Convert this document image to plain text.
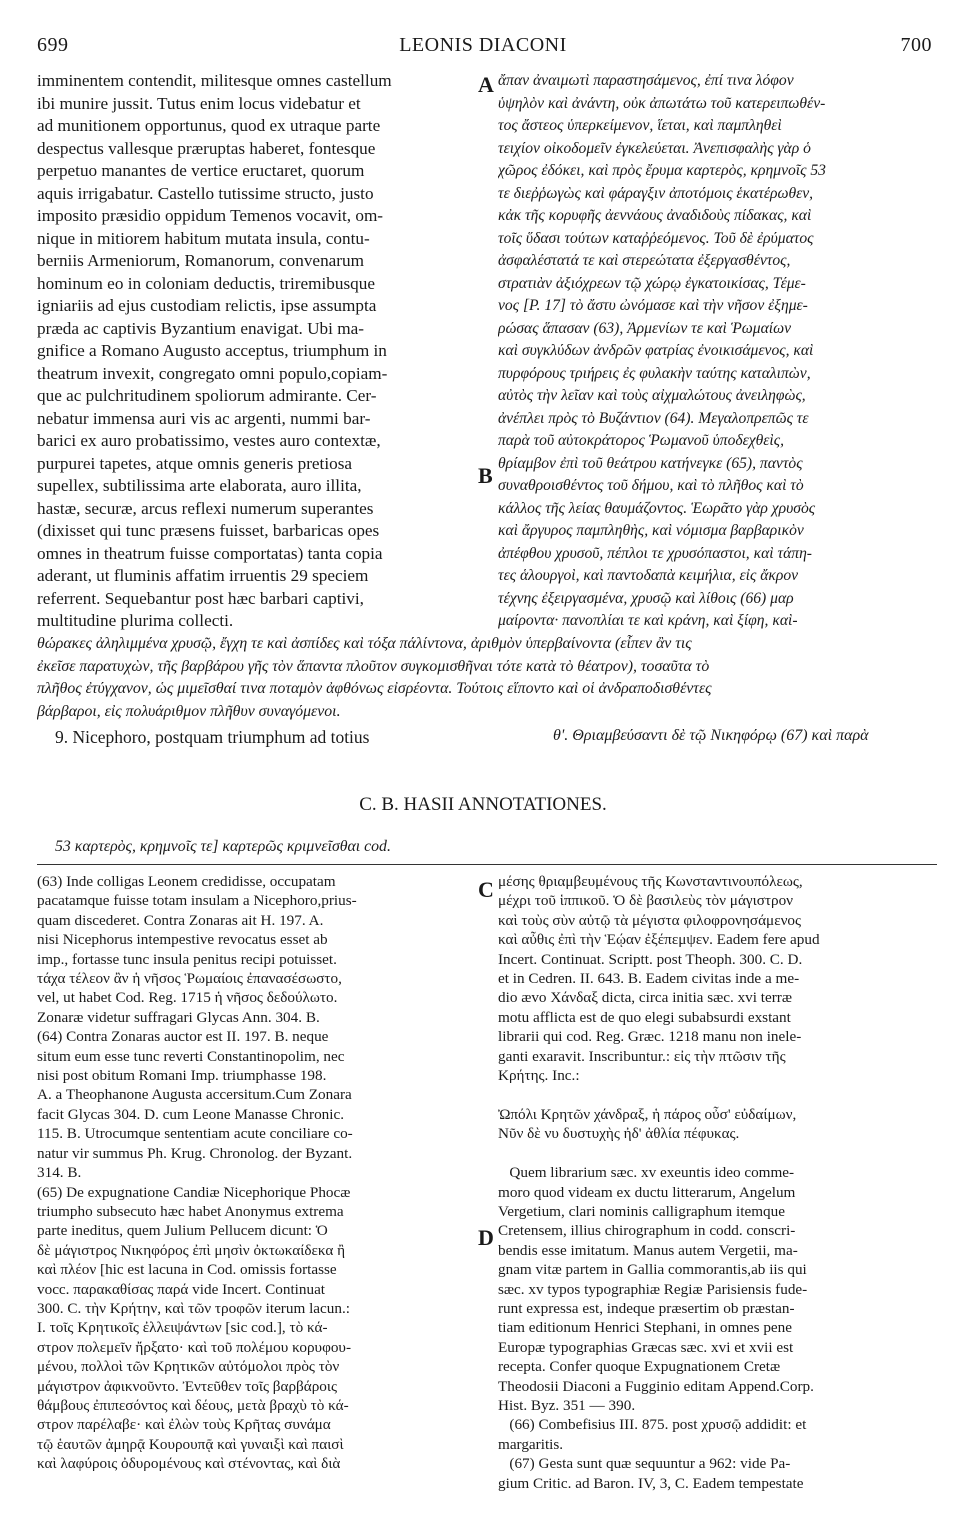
699	LEONIS DIACONI	700
A
B
C
D
imminentem contendit, militesque omnes castellum
ibi munire jussit. Tutus enim locus videbatur et
ad munitionem opportunus, quod ex utraque parte
despectus vallesque præruptas haberet, fontesque
perpetuo manantes de vertice eructaret, quorum
aquis irrigabatur. Castello tutissime structo, justo
imposito præsidio oppidum Temenos vocavit, om-
nique in mitiorem habitum mutata insula, contu-
berniis Armeniorum, Romanorum, convenarum
hominum eo in coloniam deductis, triremibusque
igniariis ad ejus custodiam relictis, ipse assumpta
præda ac captivis Byzantium enavigat. Ubi ma-
gnifice a Romano Augusto acceptus, triumphum in
theatrum invexit, congregato omni populo,copiam-
que ac pulchritudinem spoliorum admirante. Cer-
nebatur immensa auri vis ac argenti, nummi bar-
barici ex auro probatissimo, vestes auro contextæ,
purpurei tapetes, atque omnis generis pretiosa
supellex, subtilissima arte elaborata, auro illita,
hastæ, securæ, arcus reflexi numerum superantes
(dixisset qui tunc præsens fuisset, barbaricas opes
omnes in theatrum fuisse comportatas) tanta copia
aderant, ut fluminis affatim irruentis 29 speciem
referrent. Sequebantur post hæc barbari captivi,
multitudine plurima collecti.
ἄπαν ἀναιμωτὶ παραστησάμενος, ἐπί τινα λόφον
ὑψηλὸν καὶ ἀνάντη, οὐκ ἀπωτάτω τοῦ κατερειπωθέν-
τος ἄστεος ὑπερκείμενον, ἵεται, καὶ παμπληθεὶ
τειχίον οἰκοδομεῖν ἐγκελεύεται. Ἀνεπισφαλὴς γὰρ ὁ
χῶρος ἐδόκει, καὶ πρὸς ἔρυμα καρτερὸς, κρημνοῖς 53
τε διεῤῥωγὼς καὶ φάραγξιν ἀποτόμοις ἑκατέρωθεν,
κἀκ τῆς κορυφῆς ἀεννάους ἀναδιδοὺς πίδακας, καὶ
τοῖς ὕδασι τούτων καταῤῥεόμενος. Τοῦ δὲ ἐρύματος
ἀσφαλέστατά τε καὶ στερεώτατα ἐξεργασθέντος,
στρατιὰν ἀξιόχρεων τῷ χώρῳ ἐγκατοικίσας, Τέμε-
νος [P. 17] τὸ ἄστυ ὠνόμασε καὶ τὴν νῆσον ἐξημε-
ρώσας ἅπασαν (63), Ἀρμενίων τε καὶ Ῥωμαίων
καὶ συγκλύδων ἀνδρῶν φατρίας ἐνοικισάμενος, καὶ
πυρφόρους τριήρεις ἐς φυλακὴν ταύτης καταλιπὼν,
αὐτὸς τὴν λεῖαν καὶ τοὺς αἰχμαλώτους ἀνειληφὼς,
ἀνέπλει πρὸς τὸ Βυζάντιον (64). Μεγαλοπρεπῶς τε
παρὰ τοῦ αὐτοκράτορος Ῥωμανοῦ ὑποδεχθεὶς,
θρίαμβον ἐπὶ τοῦ θεάτρου κατήνεγκε (65), παντὸς
συναθροισθέντος τοῦ δήμου, καὶ τὸ πλῆθος καὶ τὸ
κάλλος τῆς λείας θαυμάζοντος. Ἑωρᾶτο γὰρ χρυσὸς
καὶ ἄργυρος παμπληθὴς, καὶ νόμισμα βαρβαρικὸν
ἀπέφθου χρυσοῦ, πέπλοι τε χρυσόπαστοι, καὶ τάπη-
τες ἁλουργοὶ, καὶ παντοδαπὰ κειμήλια, εἰς ἄκρον
τέχνης ἐξειργασμένα, χρυσῷ καὶ λίθοις (66) μαρ
μαίροντα· πανοπλίαι τε καὶ κράνη, καὶ ξίφη, καὶ-
θώρακες ἀληλιμμένα χρυσῷ, ἔγχη τε καὶ ἀσπίδες καὶ τόξα πάλίντονα, ἀριθμὸν ὑπερβαίνοντα (εἶπεν ἂν τις
ἐκεῖσε παρατυχὼν, τῆς βαρβάρου γῆς τὸν ἅπαντα πλοῦτον συγκομισθῆναι τότε κατὰ τὸ θέατρον), τοσαῦτα τὸ
πλῆθος ἐτύγχανον, ὡς μιμεῖσθαί τινα ποταμὸν ἀφθόνως εἰσρέοντα. Τούτοις εἵποντο καὶ οἱ ἀνδραποδισθέντες
βάρβαροι, εἰς πολυάριθμον πλῆθυν συναγόμενοι.
9. Nicephoro, postquam triumphum ad totius	θ'. Θριαμβεύσαντι δὲ τῷ Νικηφόρῳ (67) καὶ παρὰ
C. B. HASII ANNOTATIONES.
53 καρτερὸς, κρημνοῖς τε] καρτερῶς κριμνεῖσθαι cod.
(63) Inde colligas Leonem credidisse, occupatam
pacatamque fuisse totam insulam a Nicephoro,prius-
quam discederet. Contra Zonaras ait H. 197. A.
nisi Nicephorus intempestive revocatus esset ab
imp., fortasse tunc insula penitus recipi potuisset.
τάχα τέλεον ἂν ἡ νῆσος Ῥωμαίοις ἐπανασέσωστο,
vel, ut habet Cod. Reg. 1715 ἡ νῆσος δεδούλωτο.
Zonaræ videtur suffragari Glycas Ann. 304. B.
(64) Contra Zonaras auctor est II. 197. B. neque
situm eum esse tunc reverti Constantinopolim, nec
nisi post obitum Romani Imp. triumphasse 198.
A. a Theophanone Augusta accersitum.Cum Zonara
facit Glycas 304. D. cum Leone Manasse Chronic.
115. B. Utrocumque sententiam acute conciliare co-
natur vir summus Ph. Krug. Chronolog. der Byzant.
314. B.
(65) De expugnatione Candiæ Nicephorique Phocæ
triumpho subsecuto hæc habet Anonymus extrema
parte ineditus, quem Julium Pellucem dicunt: Ὁ
δὲ μάγιστρος Νικηφόρος ἐπὶ μησὶν ὀκτωκαίδεκα ἢ
καὶ πλέον [hic est lacuna in Cod. omissis fortasse
vocc. παρακαθίσας παρά vide Incert. Continuat
300. C. τὴν Κρήτην, καὶ τῶν τροφῶν iterum lacun.:
I. τοῖς Κρητικοῖς ἐλλειψάντων [sic cod.], τὸ κά-
στρον πολεμεῖν ἤρξατο· καὶ τοῦ πολέμου κορυφου-
μένου, πολλοὶ τῶν Κρητικῶν αὐτόμολοι πρὸς τὸν
μάγιστρον ἀφικνοῦντο. Ἐντεῦθεν τοῖς βαρβάροις
θάμβους ἐπιπεσόντος καὶ δέους, μετὰ βραχὺ τὸ κά-
στρον παρέλαβε· καὶ ἐλὼν τοὺς Κρῆτας συνάμα
τῷ ἑαυτῶν ἀμηρᾷ Κουρουπᾷ καὶ γυναιξὶ καὶ παισὶ
καὶ λαφύροις ὀδυρομένους καὶ στένοντας, καὶ διὰ
μέσης θριαμβευμένους τῆς Κωνσταντινουπόλεως,
μέχρι τοῦ ἱππικοῦ. Ὁ δὲ βασιλεὺς τὸν μάγιστρον
καὶ τοὺς σὺν αὐτῷ τὰ μέγιστα φιλοφρονησάμενος
καὶ αὖθις ἐπὶ τὴν Ἑῴαν ἐξέπεμψεν. Eadem fere apud
Incert. Continuat. Scriptt. post Theoph. 300. C. D.
et in Cedren. II. 643. B. Eadem civitas inde a me-
dio ævo Χάνδαξ dicta, circa initia sæc. xvi terræ
motu afflicta est de quo elegi subabsurdi exstant
librarii qui cod. Reg. Græc. 1218 manu non inele-
ganti exaravit. Inscribuntur.: εἰς τὴν πτῶσιν τῆς
Κρήτης. Inc.:

Ὠπόλι Κρητῶν χάνδραξ, ἡ πάρος οὖσ' εὐδαίμων,
Νῦν δὲ νυ δυστυχὴς ἠδ' ἀθλία πέφυκας.

Quem librarium sæc. xv exeuntis ideo comme-
moro quod videam ex ductu litterarum, Angelum
Vergetium, clari nominis calligraphum itemque
Cretensem, illius chirographum in codd. conscri-
bendis esse imitatum. Manus autem Vergetii, ma-
gnam vitæ partem in Gallia commorantis,ab iis qui
sæc. xv typos typographiæ Regiæ Parisiensis fude-
runt expressa est, indeque præsertim ob præstan-
tiam editionum Henrici Stephani, in omnes pene
Europæ typographias Græcas sæc. xvi et xvii est
recepta. Confer quoque Expugnationem Cretæ
Theodosii Diaconi a Fugginio editam Append.Corp.
Hist. Byz. 351 — 390.
(66) Combefisius III. 875. post χρυσῷ addidit: et
margaritis.
(67) Gesta sunt quæ sequuntur a 962: vide Pa-
gium Critic. ad Baron. IV, 3, C. Eadem tempestate
